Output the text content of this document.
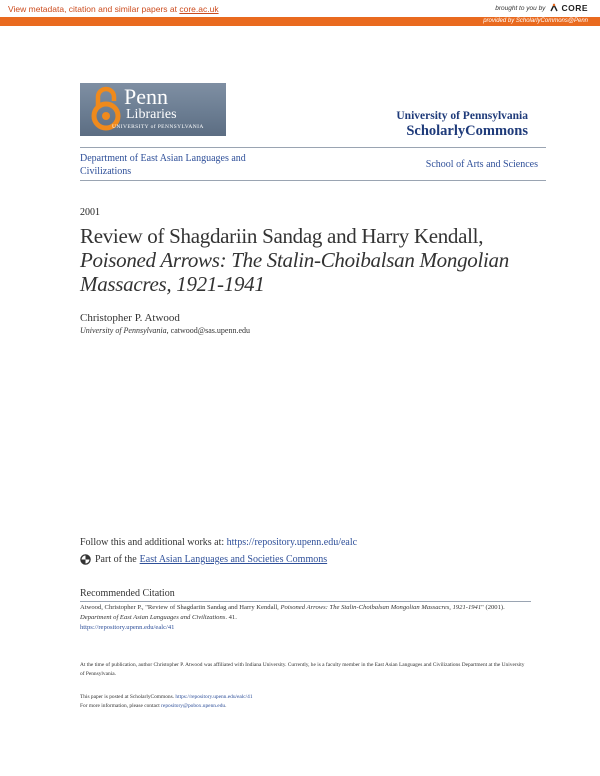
View metadata, citation and similar papers at core.ac.uk	brought to you by CORE
provided by ScholarlyCommons@Penn
Penn
Libraries
UNIVERSITY of PENNSYLVANIA
University of Pennsylvania
ScholarlyCommons
Department of East Asian Languages and Civilizations
School of Arts and Sciences
2001
Review of Shagdariin Sandag and Harry Kendall, Poisoned Arrows: The Stalin-Choibalsan Mongolian Massacres, 1921-1941
Christopher P. Atwood
University of Pennsylvania, catwood@sas.upenn.edu
Follow this and additional works at: https://repository.upenn.edu/ealc
Part of the East Asian Languages and Societies Commons
Recommended Citation
Atwood, Christopher P., "Review of Shagdariin Sandag and Harry Kendall, Poisoned Arrows: The Stalin-Choibalsan Mongolian Massacres, 1921-1941" (2001). Department of East Asian Languages and Civilizations. 41.
https://repository.upenn.edu/ealc/41
At the time of publication, author Christopher P. Atwood was affiliated with Indiana University. Currently, he is a faculty member in the East Asian Languages and Civilizations Department at the University of Pennsylvania.
This paper is posted at ScholarlyCommons. https://repository.upenn.edu/ealc/41
For more information, please contact repository@pobox.upenn.edu.
